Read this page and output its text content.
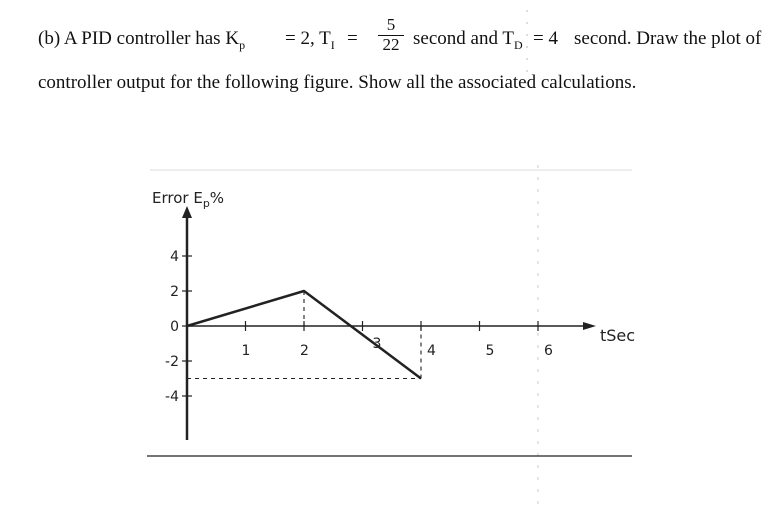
(b) A PID controller has $K_p = 2$, $T_I = \frac{5}{22}$ second and $T_D = 4$ second. Draw the plot of
controller output for the following figure. Show all the associated calculations.
Error $E_p\%$
tSec
1	2	3	4	5	6
4
2
0
-2
-4
